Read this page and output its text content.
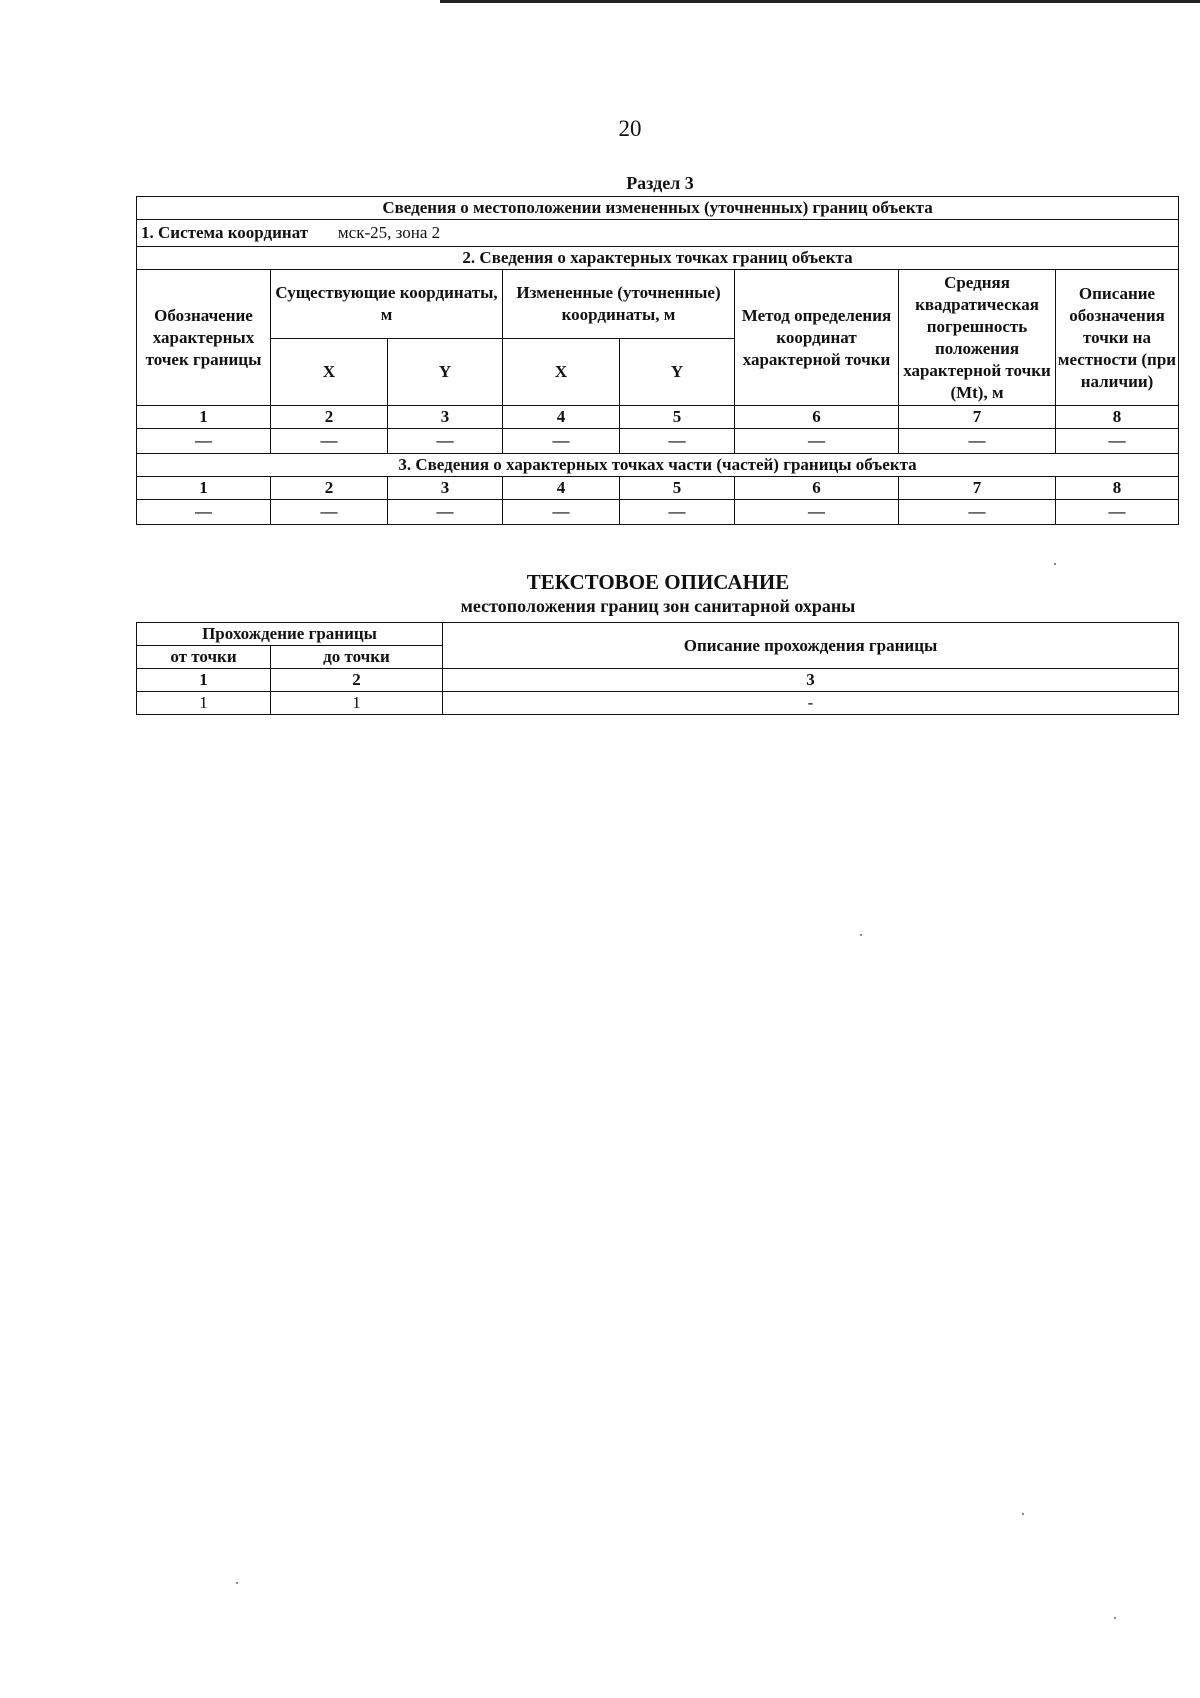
20
Раздел 3
Сведения о местоположении измененных (уточненных) границ объекта							
1. Система координат мск-25, зона 2							
2. Сведения о характерных точках границ объекта							
Обозначение характерных точек границы	Существующие координаты, м		Измененные (уточненные) координаты, м		Метод определения координат характерной точки	Средняя квадратическая погрешность положения характерной точки (Mt), м	Описание обозначения точки на местности (при наличии)
	X	Y	X	Y			
1	2	3	4	5	6	7	8
—	—	—	—	—	—	—	—
3. Сведения о характерных точках части (частей) границы объекта							
1	2	3	4	5	6	7	8
—	—	—	—	—	—	—	—
ТЕКСТОВОЕ ОПИСАНИЕ
местоположения границ зон санитарной охраны
Прохождение границы		Описание прохождения границы
от точки	до точки	
1	2	3
1	1	-
